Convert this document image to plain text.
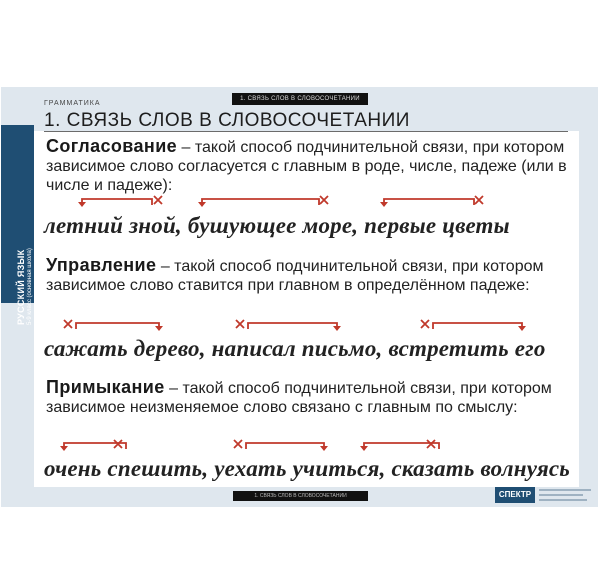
РУССКИЙ ЯЗЫК 5-9 класс (основная школа)
1. СВЯЗЬ СЛОВ В СЛОВОСОЧЕТАНИИ
ГРАММАТИКА
1. СВЯЗЬ СЛОВ В СЛОВОСОЧЕТАНИИ
Согласование – такой способ подчинительной связи, при котором зависимое слово согласуется с главным в роде, числе, падеже (или в числе и падеже):
летний зной, бушующее море, первые цветы
Управление – такой способ подчинительной связи, при котором зависимое слово ставится при главном в определённом падеже:
сажать дерево, написал письмо, встретить его
Примыкание – такой способ подчинительной связи, при котором зависимое неизменяемое слово связано с главным по смыслу:
очень спешить, уехать учиться, сказать волнуясь
1. СВЯЗЬ СЛОВ В СЛОВОСОЧЕТАНИИ	СПЕКТР
